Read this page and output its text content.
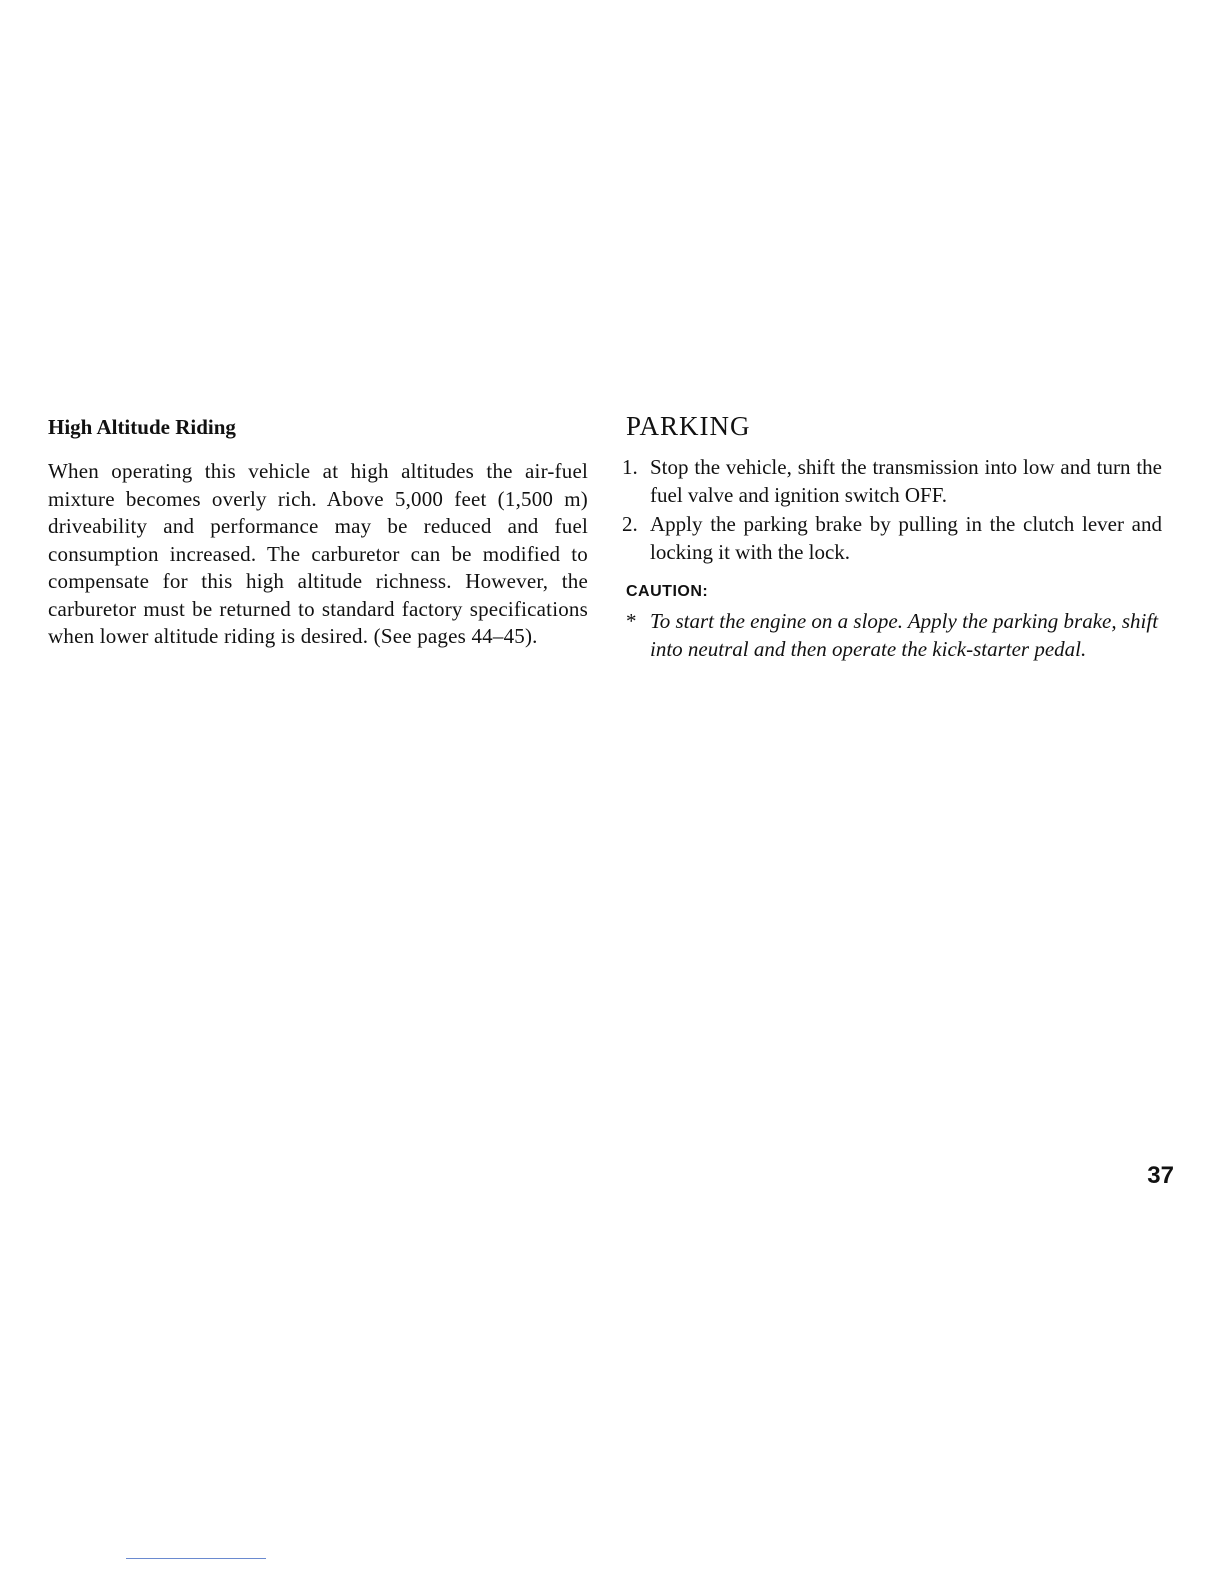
High Altitude Riding

When operating this vehicle at high altitudes the air-fuel mixture becomes overly rich. Above 5,000 feet (1,500 m) driveability and performance may be reduced and fuel consumption increased. The carburetor can be modified to compensate for this high altitude richness. However, the carburetor must be returned to standard factory specifications when lower altitude riding is desired. (See pages 44–45).

PARKING
1. Stop the vehicle, shift the transmission into low and turn the fuel valve and ignition switch OFF.
2. Apply the parking brake by pulling in the clutch lever and locking it with the lock.
CAUTION:
* To start the engine on a slope. Apply the parking brake, shift into neutral and then operate the kick-starter pedal.
37
